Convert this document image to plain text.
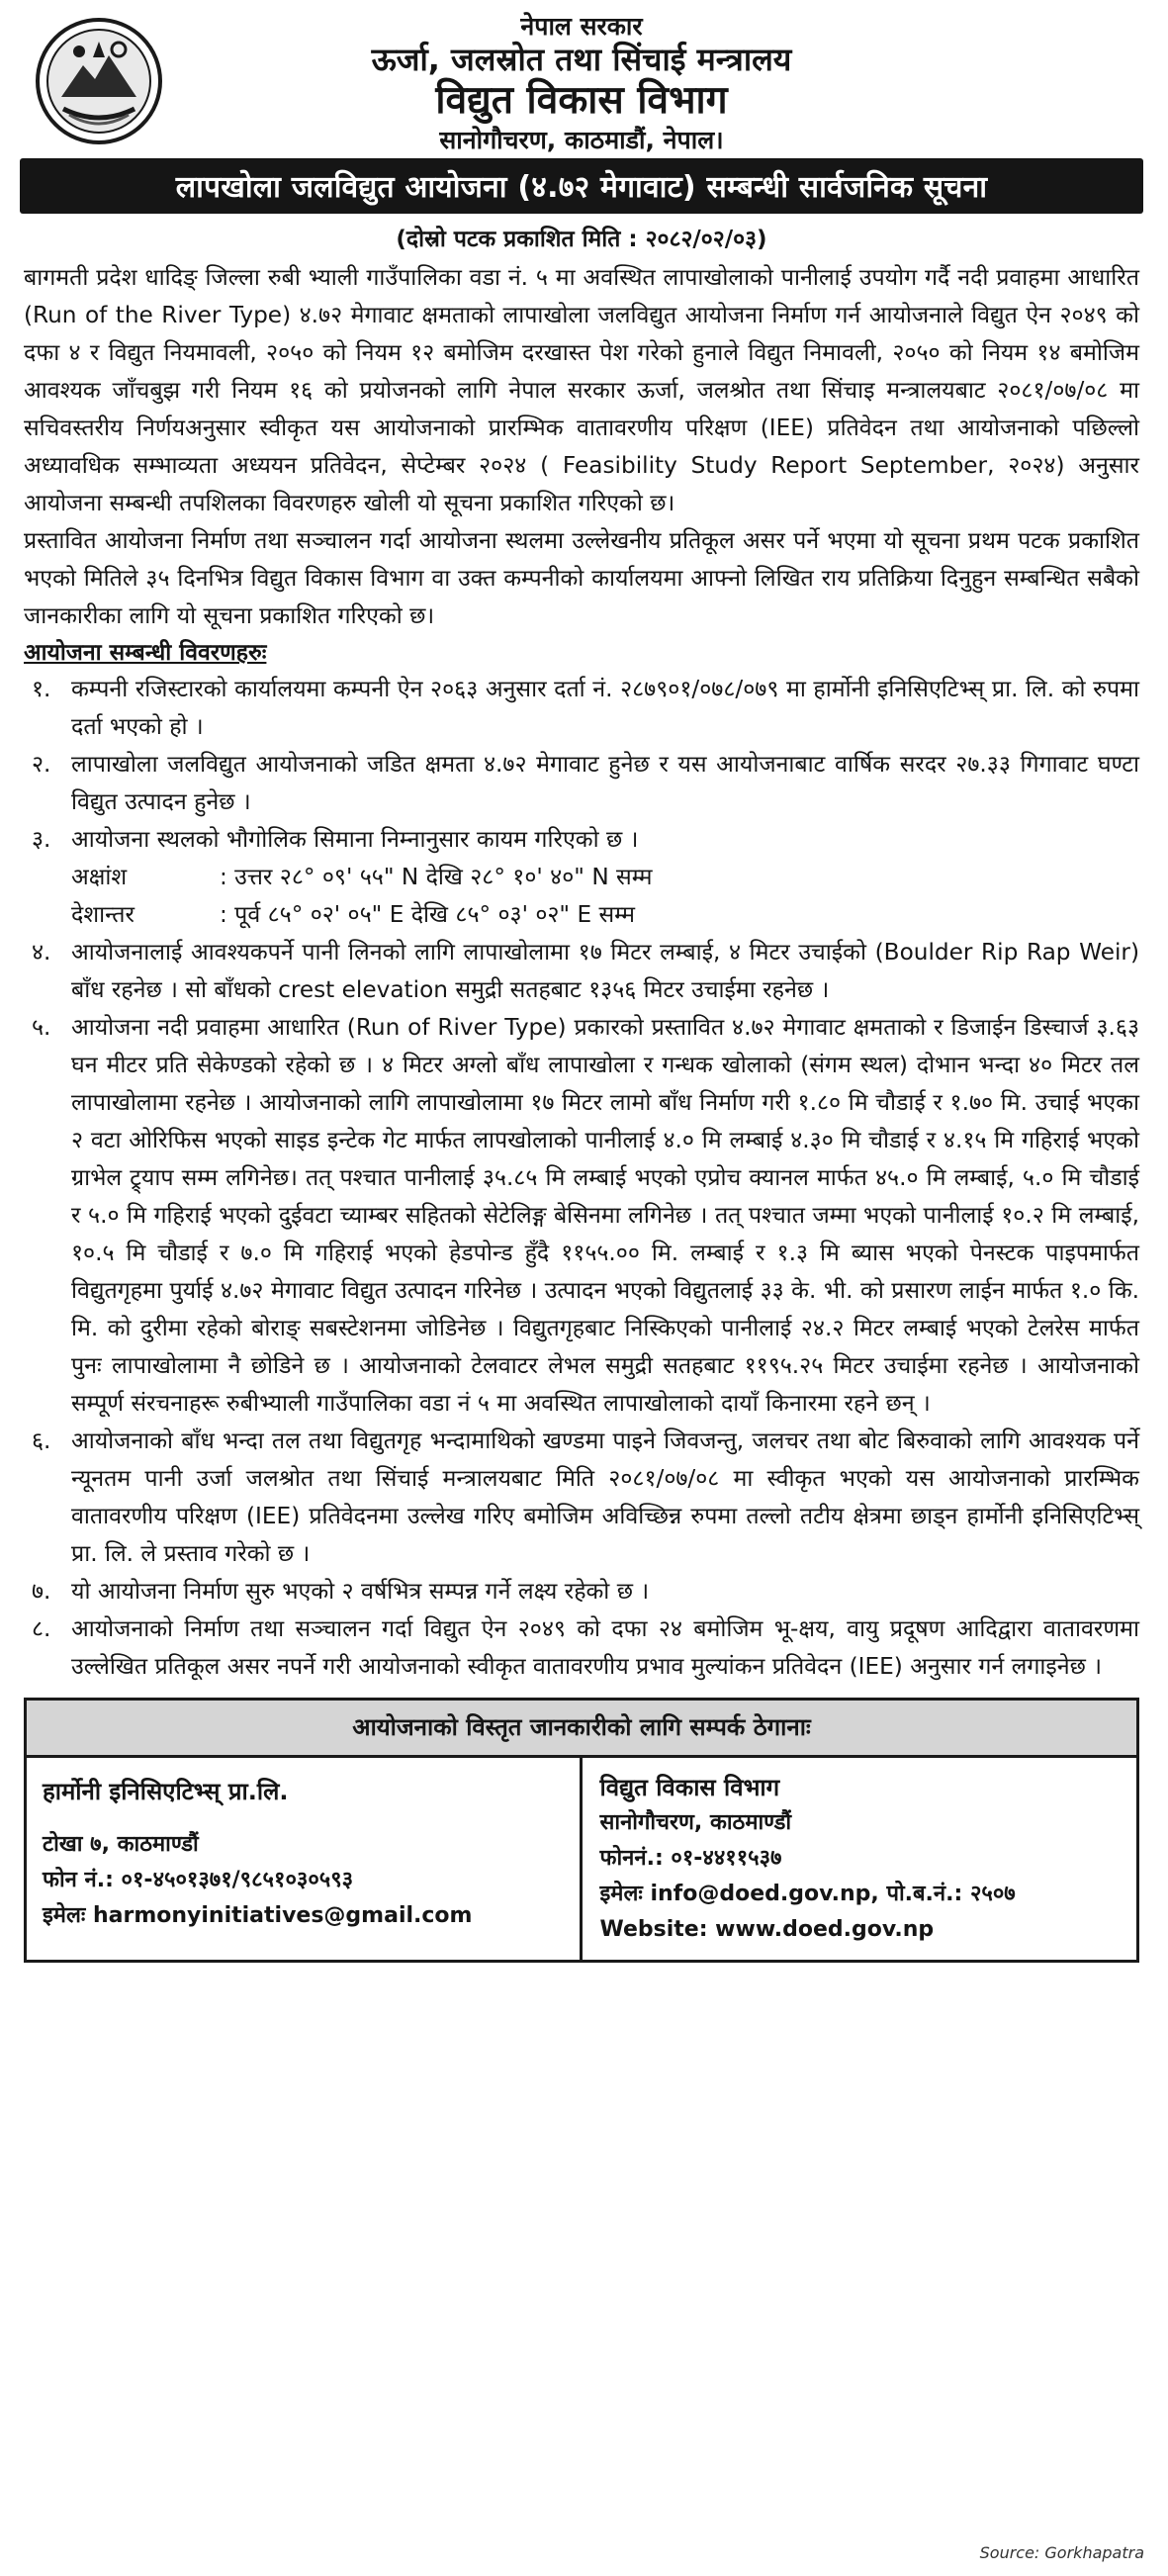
नेपाल सरकार
ऊर्जा, जलस्रोत तथा सिंचाई मन्त्रालय
विद्युत विकास विभाग
सानोगौचरण, काठमाडौं, नेपाल।
लापखोला जलविद्युत आयोजना (४.७२ मेगावाट) सम्बन्धी सार्वजनिक सूचना
(दोस्रो पटक प्रकाशित मिति : २०८२/०२/०३)

बागमती प्रदेश धादिङ् जिल्ला रुबी भ्याली गाउँपालिका वडा नं. ५ मा अवस्थित लापाखोलाको पानीलाई उपयोग गर्दै नदी प्रवाहमा आधारित (Run of the River Type) ४.७२ मेगावाट क्षमताको लापाखोला जलविद्युत आयोजना निर्माण गर्न आयोजनाले विद्युत ऐन २०४९ को दफा ४ र विद्युत नियमावली, २०५० को नियम १२ बमोजिम दरखास्त पेश गरेको हुनाले विद्युत निमावली, २०५० को नियम १४ बमोजिम आवश्यक जाँचबुझ गरी नियम १६ को प्रयोजनको लागि नेपाल सरकार ऊर्जा, जलश्रोत तथा सिंचाइ मन्त्रालयबाट २०८१/०७/०८ मा सचिवस्तरीय निर्णयअनुसार स्वीकृत यस आयोजनाको प्रारम्भिक वातावरणीय परिक्षण (IEE) प्रतिवेदन तथा आयोजनाको पछिल्लो अध्यावधिक सम्भाव्यता अध्ययन प्रतिवेदन, सेप्टेम्बर २०२४ ( Feasibility Study Report September, २०२४) अनुसार आयोजना सम्बन्धी तपशिलका विवरणहरु खोली यो सूचना प्रकाशित गरिएको छ।

प्रस्तावित आयोजना निर्माण तथा सञ्चालन गर्दा आयोजना स्थलमा उल्लेखनीय प्रतिकूल असर पर्ने भएमा यो सूचना प्रथम पटक प्रकाशित भएको मितिले ३५ दिनभित्र विद्युत विकास विभाग वा उक्त कम्पनीको कार्यालयमा आफ्नो लिखित राय प्रतिक्रिया दिनुहुन सम्बन्धित सबैको जानकारीका लागि यो सूचना प्रकाशित गरिएको छ।

आयोजना सम्बन्धी विवरणहरुः
१. कम्पनी रजिस्टारको कार्यालयमा कम्पनी ऐन २०६३ अनुसार दर्ता नं. २८७९०१/०७८/०७९ मा हार्मोनी इनिसिएटिभ्स् प्रा. लि. को रुपमा दर्ता भएको हो ।
२. लापाखोला जलविद्युत आयोजनाको जडित क्षमता ४.७२ मेगावाट हुनेछ र यस आयोजनाबाट वार्षिक सरदर २७.३३ गिगावाट घण्टा विद्युत उत्पादन हुनेछ ।
३. आयोजना स्थलको भौगोलिक सिमाना निम्नानुसार कायम गरिएको छ ।
अक्षांश	: उत्तर २८° ०९' ५५" N देखि २८° १०' ४०" N सम्म
देशान्तर	: पूर्व ८५° ०२' ०५" E देखि ८५° ०३' ०२" E सम्म
४. आयोजनालाई आवश्यकपर्ने पानी लिनको लागि लापाखोलामा १७ मिटर लम्बाई, ४ मिटर उचाईको (Boulder Rip Rap Weir) बाँध रहनेछ । सो बाँधको crest elevation समुद्री सतहबाट १३५६ मिटर उचाईमा रहनेछ ।
५. आयोजना नदी प्रवाहमा आधारित (Run of River Type) प्रकारको प्रस्तावित ४.७२ मेगावाट क्षमताको र डिजाईन डिस्चार्ज ३.६३ घन मीटर प्रति सेकेण्डको रहेको छ । ४ मिटर अग्लो बाँध लापाखोला र गन्धक खोलाको (संगम स्थल) दोभान भन्दा ४० मिटर तल लापाखोलामा रहनेछ । आयोजनाको लागि लापाखोलामा १७ मिटर लामो बाँध निर्माण गरी १.८० मि चौडाई र १.७० मि. उचाई भएका २ वटा ओरिफिस भएको साइड इन्टेक गेट मार्फत लापखोलाको पानीलाई ४.० मि लम्बाई ४.३० मि चौडाई र ४.१५ मि गहिराई भएको ग्राभेल ट्र्याप सम्म लगिनेछ। तत् पश्चात पानीलाई ३५.८५ मि लम्बाई भएको एप्रोच क्यानल मार्फत ४५.० मि लम्बाई, ५.० मि चौडाई र ५.० मि गहिराई भएको दुईवटा च्याम्बर सहितको सेटेलिङ्ग बेसिनमा लगिनेछ । तत् पश्चात जम्मा भएको पानीलाई १०.२ मि लम्बाई, १०.५ मि चौडाई र ७.० मि गहिराई भएको हेडपोन्ड हुँदै ११५५.०० मि. लम्बाई र १.३ मि ब्यास भएको पेनस्टक पाइपमार्फत विद्युतगृहमा पुर्याई ४.७२ मेगावाट विद्युत उत्पादन गरिनेछ । उत्पादन भएको विद्युतलाई ३३ के. भी. को प्रसारण लाईन मार्फत १.० कि. मि. को दुरीमा रहेको बोराङ् सबस्टेशनमा जोडिनेछ । विद्युतगृहबाट निस्किएको पानीलाई २४.२ मिटर लम्बाई भएको टेलरेस मार्फत पुनः लापाखोलामा नै छोडिने छ । आयोजनाको टेलवाटर लेभल समुद्री सतहबाट ११९५.२५ मिटर उचाईमा रहनेछ । आयोजनाको सम्पूर्ण संरचनाहरू रुबीभ्याली गाउँपालिका वडा नं ५ मा अवस्थित लापाखोलाको दायाँ किनारमा रहने छन् ।
६. आयोजनाको बाँध भन्दा तल तथा विद्युतगृह भन्दामाथिको खण्डमा पाइने जिवजन्तु, जलचर तथा बोट बिरुवाको लागि आवश्यक पर्ने न्यूनतम पानी उर्जा जलश्रोत तथा सिंचाई मन्त्रालयबाट मिति २०८१/०७/०८ मा स्वीकृत भएको यस आयोजनाको प्रारम्भिक वातावरणीय परिक्षण (IEE) प्रतिवेदनमा उल्लेख गरिए बमोजिम अविच्छिन्न रुपमा तल्लो तटीय क्षेत्रमा छाड्न हार्मोनी इनिसिएटिभ्स् प्रा. लि. ले प्रस्ताव गरेको छ ।
७. यो आयोजना निर्माण सुरु भएको २ वर्षभित्र सम्पन्न गर्ने लक्ष्य रहेको छ ।
८. आयोजनाको निर्माण तथा सञ्चालन गर्दा विद्युत ऐन २०४९ को दफा २४ बमोजिम भू-क्षय, वायु प्रदूषण आदिद्वारा वातावरणमा उल्लेखित प्रतिकूल असर नपर्ने गरी आयोजनाको स्वीकृत वातावरणीय प्रभाव मुल्यांकन प्रतिवेदन (IEE) अनुसार गर्न लगाइनेछ ।
आयोजनाको विस्तृत जानकारीको लागि सम्पर्क ठेगानाः
हार्मोनी इनिसिएटिभ्स् प्रा.लि.
टोखा ७, काठमाण्डौं
फोन नं.: ०१-४५०१३७१/९८५१०३०५९३
इमेलः harmonyinitiatives@gmail.com
विद्युत विकास विभाग
सानोगौचरण, काठमाण्डौं
फोननं.: ०१-४४११५३७
इमेलः info@doed.gov.np, पो.ब.नं.: २५०७
Website: www.doed.gov.np
Source: Gorkhapatra
